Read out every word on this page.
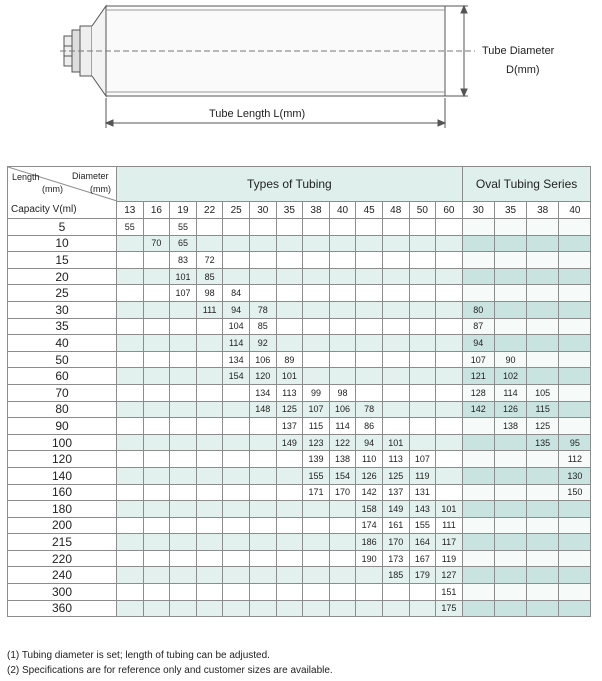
Tube Diameter
D(mm)
Tube Length L(mm)
Length
(mm)
Diameter
(mm)
Capacity V(ml)	Types of Tubing													Oval Tubing Series			
	13	16	19	22	25	30	35	38	40	45	48	50	60	30	35	38	40
5	55		55														
10		70	65														
15			83	72													
20			101	85													
25			107	98	84												
30				111	94	78								80			
35					104	85								87			
40					114	92								94			
50					134	106	89							107	90		
60					154	120	101							121	102		
70						134	113	99	98					128	114	105	
80						148	125	107	106	78				142	126	115	
90							137	115	114	86					138	125	
100							149	123	122	94	101					135	95
120								139	138	110	113	107					112
140								155	154	126	125	119					130
160								171	170	142	137	131					150
180										158	149	143	101				
200										174	161	155	111				
215										186	170	164	117				
220										190	173	167	119				
240											185	179	127				
300													151				
360													175				
(1) Tubing diameter is set; length of tubing can be adjusted.
(2) Specifications are for reference only and customer sizes are available.
